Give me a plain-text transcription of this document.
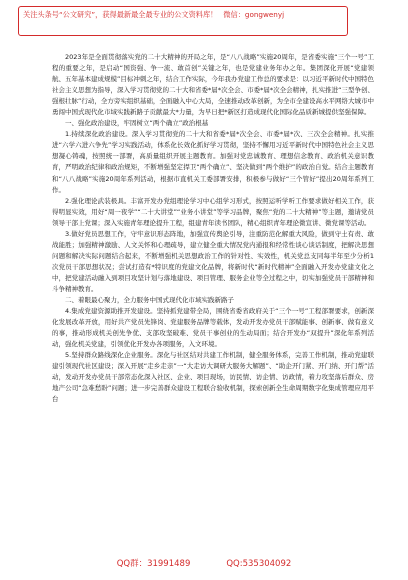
关注头条号“公文研究”，获得最新最全最专业的公文资料库！ 微信：gongwenyj

2023年是全面贯彻落实党的二十大精神的开局之年，是“八八战略”实施20周年，是省委实施“三个一号”工程的重要之年，是启动“国资强、争一流、敢首创”关键之年，也是党建业务年办之年。集团深化开展“党建领航、五年基本建成规模”目标冲刺之年，结合工作实际，今年我办党建工作总的要求是：以习近平新时代中国特色社会主义思想为指导，深入学习贯彻党的二十大和省委*届*次全会、市委*届*次全会精神，扎实推进“三型争创、强根壮脉”行动，全方旁实组织基础，全面融入中心大局，全速推动改革创新，为全市全建设高水平网络大城市中勇闯中国式现代化市域实践新路子贡献最大*力量，为早日把*新区打造成现代化国际化品质新城提供坚强保障。

一、强化政治建设，牢固树立“两个确立”政治根基

1.持续深化政治建设。深入学习贯彻党的二十大和省委*届*次全会、市委*届*次、三次全会精神。扎实推进“六学六进六争先”学习实践活动，体系化长效化抓好学习贯彻，坚持不懈用习近平新时代中国特色社会主义思想凝心铸魂，按照统一部署，高质量组织开展主题教育。加强对党忠诚教育、理想信念教育、政治机关意识教育，严明政治纪律和政治规矩，不断增强坚定捍卫“两个确立”、坚决做到“两个维护”的政治自觉。结合主题教育和“八八战略”实施20周年系列活动，根据市直机关工委部署安排，积极参与做好“三个管好”提出20周年系列工作。

2.强化理论武装极具。丰富开发办党组理论学习中心组学习形式，按照运听学听工作要求做好相关工作，获得明显实效，用好“周一夜学”“二十大讲堂”“业务小讲堂”等学习品牌，聚焦“党的二十大精神”等主题，邀请党员领导干部上党课；深入实施青年理论提升工程，组建青年读书团队，精心组织青年理论微宣讲、微党课等活动。

3.做好党员思想工作，守牢意识形态阵地，加强宣传舆论引导，注重防范化解重大风险，做到守土有责、敢战能胜；加强精神激励、人文关怀和心理疏导，建立健全重大情况党内通报和经常性谈心谈话制度，把解决思想问题和解决实际问题结合起来，不断增强机关思想政治工作的针对性、实效性，机关党总支同每半年至少分析1次党员干部思想状况；尝试打造有*特识度的党建文化品牌，将新时代“新时代精神”全面融入开发办党建文化之中，把党建活动融入到项目攻坚计划与落地建设、项目管理、服务企业等全过程之中，切实加强党员干部精神和斗争精神教育。

二、着眼最心聚力，全力服务中国式现代化市域实践新路子

4.集成党建资源助推开发建设。坚持抓党建带全局，围绕省委省政府关于“三个一号”工程部署要求，创新深化发展改革开放，用好共产党员先锋岗、党建服务品牌等载体，发动开发办党员干部赋能事、创新事、做有意义的事，推动形成机关创先争优、支部攻坚破难、党员干事创业的生动局面；结合开发办“双提升”深化年系列活动，强化机关党建，引领优化开发办各项服务，入文环境。

5.坚持群众路线深化企业服务。深化与社区结对共建工作机制，健全服务体系，完善工作机制，推动党建联建引领现代社区建设；深入开展“走乡走亲”一“大走访大调研大服务大解题”、“助企开门紧、开门纳、开门帮”活动，发动开发办党员干部常态化深入社区、企业、项目现场，访民情、访企情、访政情，着力攻坚落后群众、房地产公司“急难愁盼”问题；进一步完善群众建设工程联合验收机制，探索创新全生命周期数字化集成管理应用平台

QQ群：31991489	QQ:535304092
